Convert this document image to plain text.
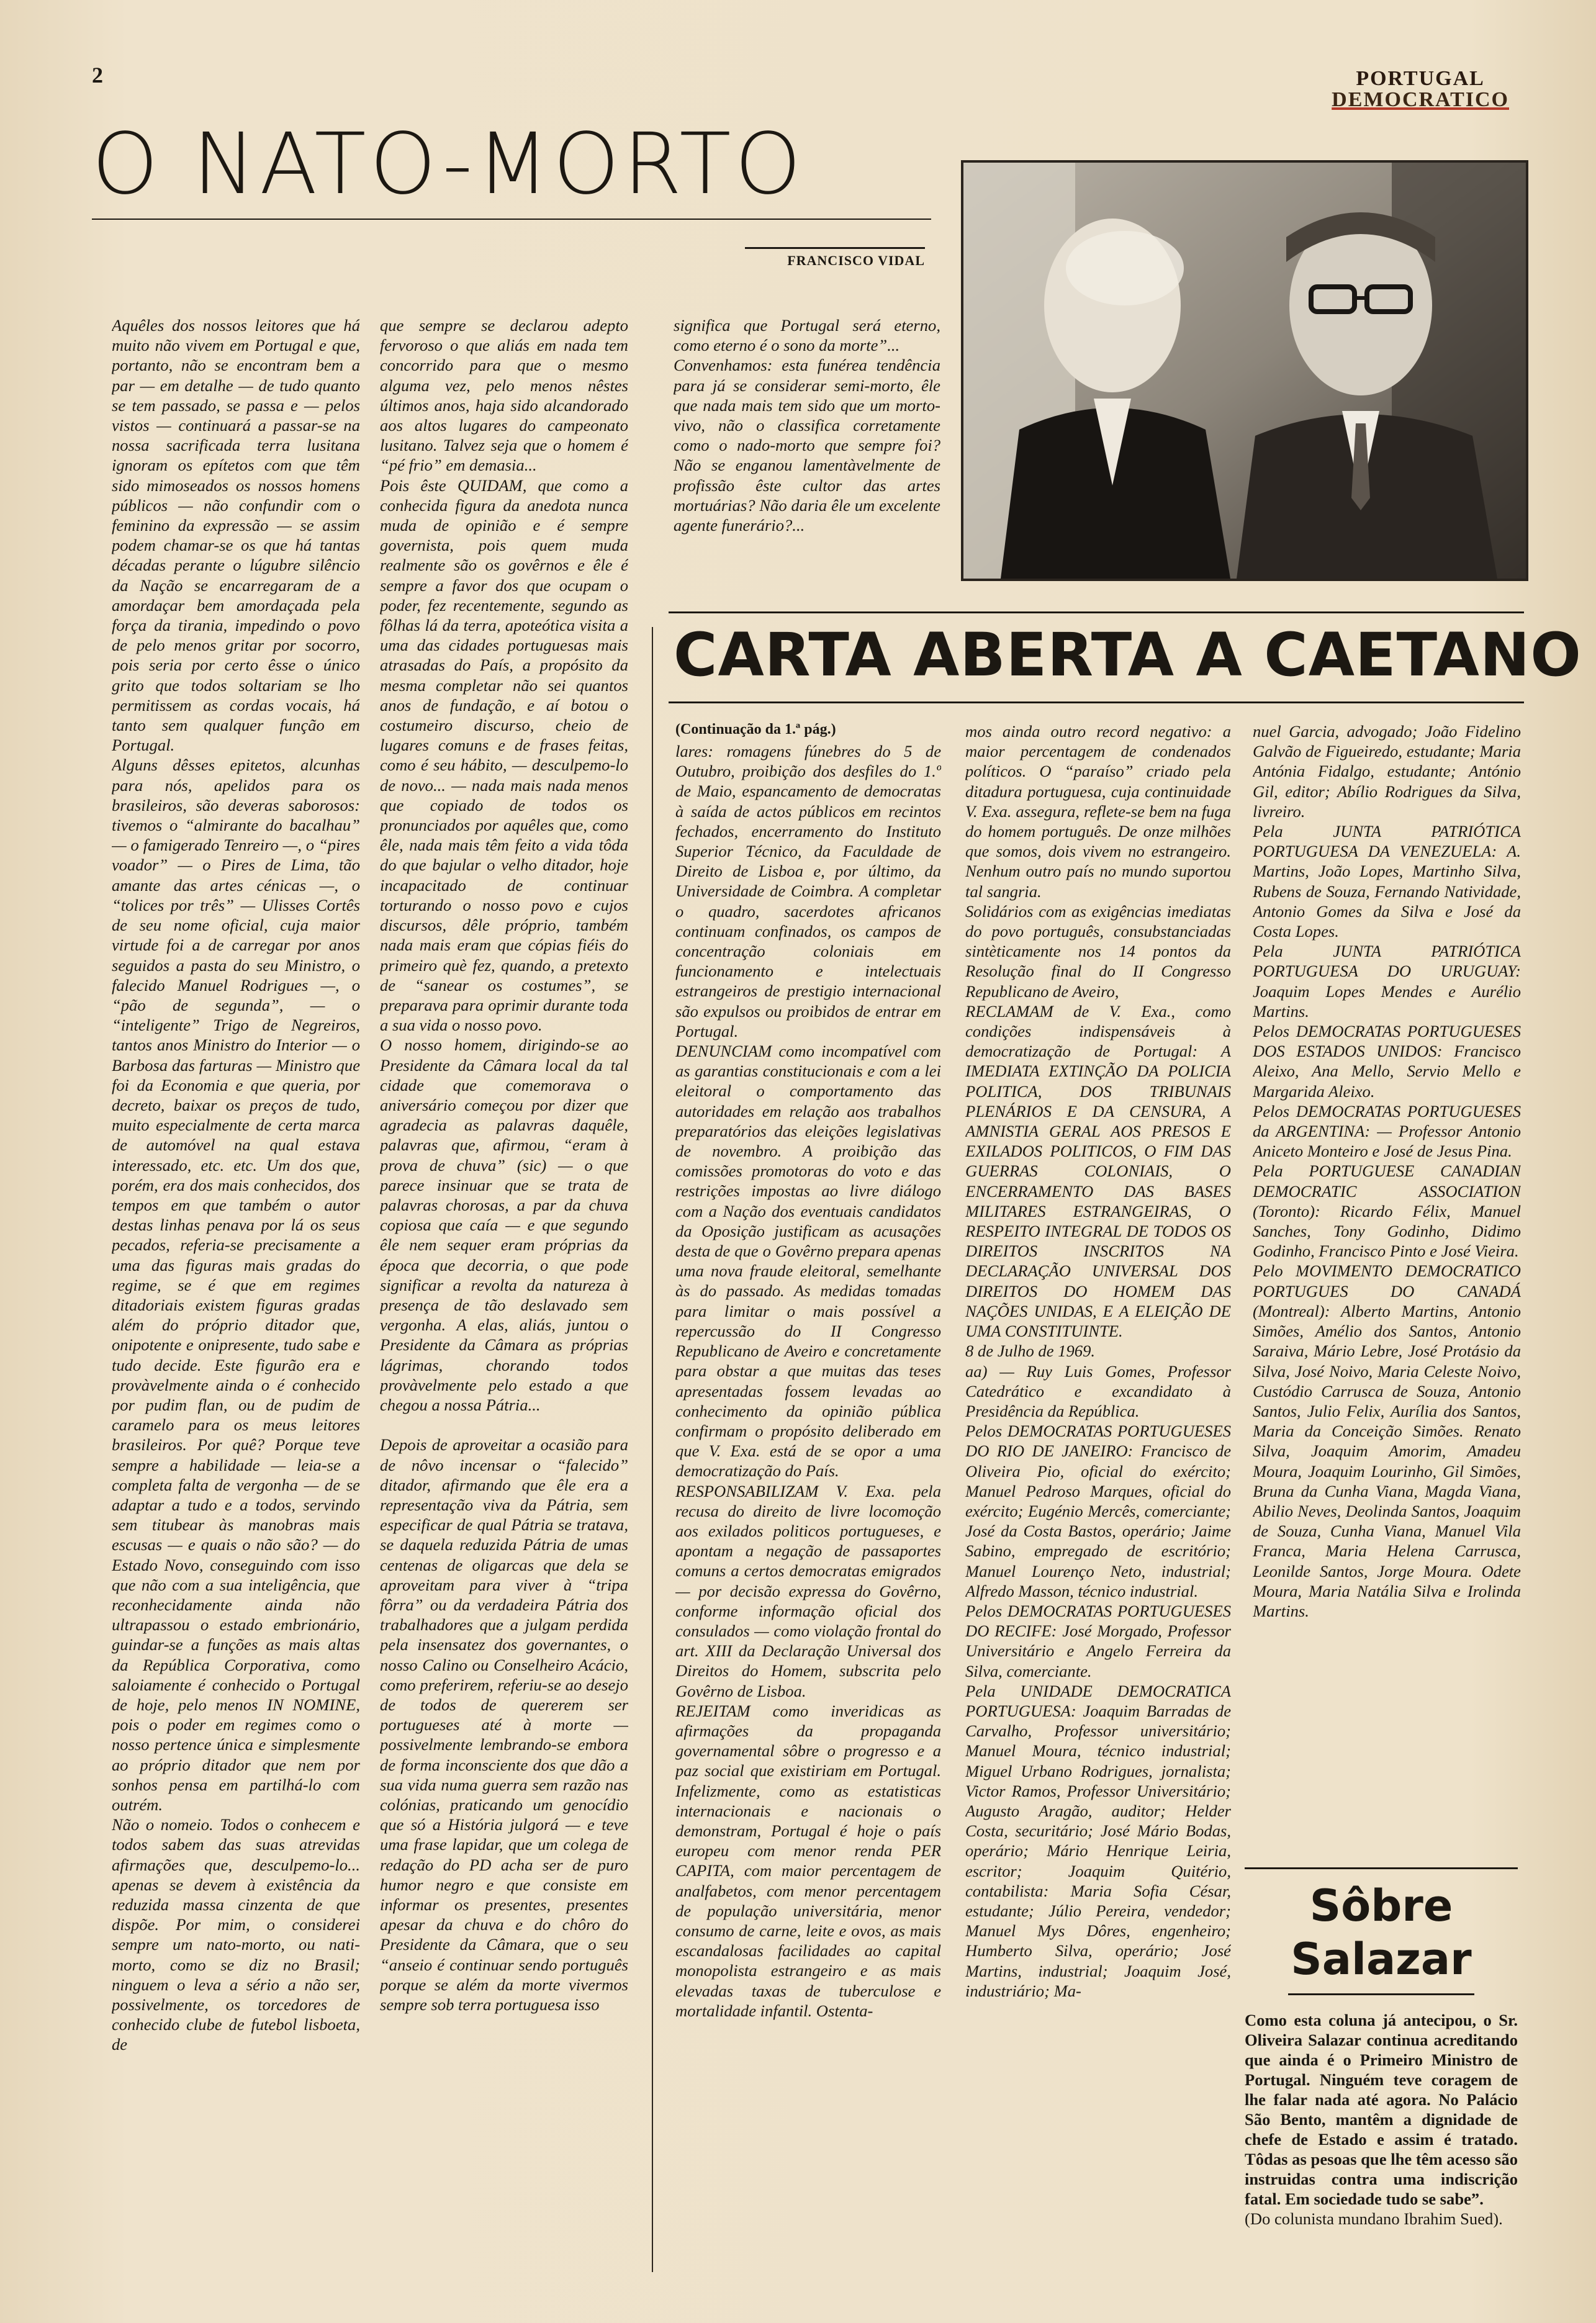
2	PORTUGAL
DEMOCRATICO
O NATO-MORTO
FRANCISCO VIDAL
Aquêles dos nossos leitores que há muito não vivem em Portugal e que, portanto, não se encontram bem a par — em detalhe — de tudo quanto se tem passado, se passa e — pelos vistos — continuará a passar-se na nossa sacrificada terra lusitana ignoram os epítetos com que têm sido mimoseados os nossos homens públicos — não confundir com o feminino da expressão — se assim podem chamar-se os que há tantas décadas perante o lúgubre silêncio da Nação se encarregaram de a amordaçar bem amordaçada pela força da tirania, impedindo o povo de pelo menos gritar por socorro, pois seria por certo êsse o único grito que todos soltariam se lho permitissem as cordas vocais, há tanto sem qualquer função em Portugal.
Alguns dêsses epitetos, alcunhas para nós, apelidos para os brasileiros, são deveras saborosos: tivemos o “almirante do bacalhau” — o famigerado Tenreiro —, o “pires voador” — o Pires de Lima, tão amante das artes cénicas —, o “tolices por três” — Ulisses Cortês de seu nome oficial, cuja maior virtude foi a de carregar por anos seguidos a pasta do seu Ministro, o falecido Manuel Rodrigues —, o “pão de segunda”, — o “inteligente” Trigo de Negreiros, tantos anos Ministro do Interior — o Barbosa das farturas — Ministro que foi da Economia e que queria, por decreto, baixar os preços de tudo, muito especialmente de certa marca de automóvel na qual estava interessado, etc. etc. Um dos que, porém, era dos mais conhecidos, dos tempos em que também o autor destas linhas penava por lá os seus pecados, referia-se precisamente a uma das figuras mais gradas do regime, se é que em regimes ditadoriais existem figuras gradas além do próprio ditador que, onipotente e onipresente, tudo sabe e tudo decide. Este figurão era e provàvelmente ainda o é conhecido por pudim flan, ou de pudim de caramelo para os meus leitores brasileiros. Por quê? Porque teve sempre a habilidade — leia-se a completa falta de vergonha — de se adaptar a tudo e a todos, servindo sem titubear às manobras mais escusas — e quais o não são? — do Estado Novo, conseguindo com isso que não com a sua inteligência, que reconhecidamente ainda não ultrapassou o estado embrionário, guindar-se a funções as mais altas da República Corporativa, como saloiamente é conhecido o Portugal de hoje, pelo menos IN NOMINE, pois o poder em regimes como o nosso pertence única e simplesmente ao próprio ditador que nem por sonhos pensa em partilhá-lo com outrém.
Não o nomeio. Todos o conhecem e todos sabem das suas atrevidas afirmações que, desculpemo-lo... apenas se devem à existência da reduzida massa cinzenta de que dispõe. Por mim, o considerei sempre um nato-morto, ou nati-morto, como se diz no Brasil; ninguem o leva a sério a não ser, possivelmente, os torcedores de conhecido clube de futebol lisboeta, de
que sempre se declarou adepto fervoroso o que aliás em nada tem concorrido para que o mesmo alguma vez, pelo menos nêstes últimos anos, haja sido alcandorado aos altos lugares do campeonato lusitano. Talvez seja que o homem é “pé frio” em demasia...
Pois êste QUIDAM, que como a conhecida figura da anedota nunca muda de opinião e é sempre governista, pois quem muda realmente são os govêrnos e êle é sempre a favor dos que ocupam o poder, fez recentemente, segundo as fôlhas lá da terra, apoteótica visita a uma das cidades portuguesas mais atrasadas do País, a propósito da mesma completar não sei quantos anos de fundação, e aí botou o costumeiro discurso, cheio de lugares comuns e de frases feitas, como é seu hábito, — desculpemo-lo de novo... — nada mais nada menos que copiado de todos os pronunciados por aquêles que, como êle, nada mais têm feito a vida tôda do que bajular o velho ditador, hoje incapacitado de continuar torturando o nosso povo e cujos discursos, dêle próprio, também nada mais eram que cópias fiéis do primeiro què fez, quando, a pretexto de “sanear os costumes”, se preparava para oprimir durante toda a sua vida o nosso povo.
O nosso homem, dirigindo-se ao Presidente da Câmara local da tal cidade que comemorava o aniversário começou por dizer que agradecia as palavras daquêle, palavras que, afirmou, “eram à prova de chuva” (sic) — o que parece insinuar que se trata de palavras chorosas, a par da chuva copiosa que caía — e que segundo êle nem sequer eram próprias da época que decorria, o que pode significar a revolta da natureza à presença de tão deslavado sem vergonha. A elas, aliás, juntou o Presidente da Câmara as próprias lágrimas, chorando todos provàvelmente pelo estado a que chegou a nossa Pátria...

Depois de aproveitar a ocasião para de nôvo incensar o “falecido” ditador, afirmando que êle era a representação viva da Pátria, sem especificar de qual Pátria se tratava, se daquela reduzida Pátria de umas centenas de oligarcas que dela se aproveitam para viver à “tripa fôrra” ou da verdadeira Pátria dos trabalhadores que a julgam perdida pela insensatez dos governantes, o nosso Calino ou Conselheiro Acácio, como preferirem, referiu-se ao desejo de todos de quererem ser portugueses até à morte — possivelmente lembrando-se embora de forma inconsciente dos que dão a sua vida numa guerra sem razão nas colónias, praticando um genocídio que só a História julgorá — e teve uma frase lapidar, que um colega de redação do PD acha ser de puro humor negro e que consiste em informar os presentes, presentes apesar da chuva e do chôro do Presidente da Câmara, que o seu “anseio é continuar sendo português porque se além da morte vivermos sempre sob terra portuguesa isso
significa que Portugal será eterno, como eterno é o sono da morte”...
Convenhamos: esta funérea tendência para já se considerar semi-morto, êle que nada mais tem sido que um morto-vivo, não o classifica corretamente como o nado-morto que sempre foi? Não se enganou lamentàvelmente de profissão êste cultor das artes mortuárias? Não daria êle um excelente agente funerário?...
CARTA ABERTA A CAETANO
(Continuação da 1.ª pág.)
lares: romagens fúnebres do 5 de Outubro, proibição dos desfiles do 1.º de Maio, espancamento de democratas à saída de actos públicos em recintos fechados, encerramento do Instituto Superior Técnico, da Faculdade de Direito de Lisboa e, por último, da Universidade de Coimbra. A completar o quadro, sacerdotes africanos continuam confinados, os campos de concentração coloniais em funcionamento e intelectuais estrangeiros de prestigio internacional são expulsos ou proibidos de entrar em Portugal.
DENUNCIAM como incompatível com as garantias constitucionais e com a lei eleitoral o comportamento das autoridades em relação aos trabalhos preparatórios das eleições legislativas de novembro. A proibição das comissões promotoras do voto e das restrições impostas ao livre diálogo com a Nação dos eventuais candidatos da Oposição justificam as acusações desta de que o Govêrno prepara apenas uma nova fraude eleitoral, semelhante às do passado. As medidas tomadas para limitar o mais possível a repercussão do II Congresso Republicano de Aveiro e concretamente para obstar a que muitas das teses apresentadas fossem levadas ao conhecimento da opinião pública confirmam o propósito deliberado em que V. Exa. está de se opor a uma democratização do País.
RESPONSABILIZAM V. Exa. pela recusa do direito de livre locomoção aos exilados politicos portugueses, e apontam a negação de passaportes comuns a certos democratas emigrados — por decisão expressa do Govêrno, conforme informação oficial dos consulados — como violação frontal do art. XIII da Declaração Universal dos Direitos do Homem, subscrita pelo Govêrno de Lisboa.
REJEITAM como inveridicas as afirmações da propaganda governamental sôbre o progresso e a paz social que existiriam em Portugal. Infelizmente, como as estatisticas internacionais e nacionais o demonstram, Portugal é hoje o país europeu com menor renda PER CAPITA, com maior percentagem de analfabetos, com menor percentagem de população universitária, menor consumo de carne, leite e ovos, as mais escandalosas facilidades ao capital monopolista estrangeiro e as mais elevadas taxas de tuberculose e mortalidade infantil. Ostenta-
mos ainda outro record negativo: a maior percentagem de condenados políticos. O “paraíso” criado pela ditadura portuguesa, cuja continuidade V. Exa. assegura, reflete-se bem na fuga do homem português. De onze milhões que somos, dois vivem no estrangeiro. Nenhum outro país no mundo suportou tal sangria.
Solidários com as exigências imediatas do povo português, consubstanciadas sintèticamente nos 14 pontos da Resolução final do II Congresso Republicano de Aveiro,
RECLAMAM de V. Exa., como condições indispensáveis à democratização de Portugal: A IMEDIATA EXTINÇÃO DA POLICIA POLITICA, DOS TRIBUNAIS PLENÁRIOS E DA CENSURA, A AMNISTIA GERAL AOS PRESOS E EXILADOS POLITICOS, O FIM DAS GUERRAS COLONIAIS, O ENCERRAMENTO DAS BASES MILITARES ESTRANGEIRAS, O RESPEITO INTEGRAL DE TODOS OS DIREITOS INSCRITOS NA DECLARAÇÃO UNIVERSAL DOS DIREITOS DO HOMEM DAS NAÇÕES UNIDAS, E A ELEIÇÃO DE UMA CONSTITUINTE.
8 de Julho de 1969.
aa) — Ruy Luis Gomes, Professor Catedrático e excandidato à Presidência da República.
Pelos DEMOCRATAS PORTUGUESES DO RIO DE JANEIRO: Francisco de Oliveira Pio, oficial do exército; Manuel Pedroso Marques, oficial do exército; Eugénio Mercês, comerciante; José da Costa Bastos, operário; Jaime Sabino, empregado de escritório; Manuel Lourenço Neto, industrial; Alfredo Masson, técnico industrial.
Pelos DEMOCRATAS PORTUGUESES DO RECIFE: José Morgado, Professor Universitário e Angelo Ferreira da Silva, comerciante.
Pela UNIDADE DEMOCRATICA PORTUGUESA: Joaquim Barradas de Carvalho, Professor universitário; Manuel Moura, técnico industrial; Miguel Urbano Rodrigues, jornalista; Victor Ramos, Professor Universitário; Augusto Aragão, auditor; Helder Costa, securitário; José Mário Bodas, operário; Mário Henrique Leiria, escritor; Joaquim Quitério, contabilista: Maria Sofia César, estudante; Júlio Pereira, vendedor; Manuel Mys Dôres, engenheiro; Humberto Silva, operário; José Martins, industrial; Joaquim José, industriário; Ma-
nuel Garcia, advogado; João Fidelino Galvão de Figueiredo, estudante; Maria Antónia Fidalgo, estudante; António Gil, editor; Abílio Rodrigues da Silva, livreiro.
Pela JUNTA PATRIÓTICA PORTUGUESA DA VENEZUELA: A. Martins, João Lopes, Martinho Silva, Rubens de Souza, Fernando Natividade, Antonio Gomes da Silva e José da Costa Lopes.
Pela JUNTA PATRIÓTICA PORTUGUESA DO URUGUAY: Joaquim Lopes Mendes e Aurélio Martins.
Pelos DEMOCRATAS PORTUGUESES DOS ESTADOS UNIDOS: Francisco Aleixo, Ana Mello, Servio Mello e Margarida Aleixo.
Pelos DEMOCRATAS PORTUGUESES da ARGENTINA: — Professor Antonio Aniceto Monteiro e José de Jesus Pina.
Pela PORTUGUESE CANADIAN DEMOCRATIC ASSOCIATION (Toronto): Ricardo Félix, Manuel Sanches, Tony Godinho, Didimo Godinho, Francisco Pinto e José Vieira.
Pelo MOVIMENTO DEMOCRATICO PORTUGUES DO CANADÁ (Montreal): Alberto Martins, Antonio Simões, Amélio dos Santos, Antonio Saraiva, Mário Lebre, José Protásio da Silva, José Noivo, Maria Celeste Noivo, Custódio Carrusca de Souza, Antonio Santos, Julio Felix, Aurília dos Santos, Maria da Conceição Simões. Renato Silva, Joaquim Amorim, Amadeu Moura, Joaquim Lourinho, Gil Simões, Bruna da Cunha Viana, Magda Viana, Abilio Neves, Deolinda Santos, Joaquim de Souza, Cunha Viana, Manuel Vila Franca, Maria Helena Carrusca, Leonilde Santos, Jorge Moura. Odete Moura, Maria Natália Silva e Irolinda Martins.
Sôbre Salazar
Como esta coluna já antecipou, o Sr. Oliveira Salazar continua acreditando que ainda é o Primeiro Ministro de Portugal. Ninguém teve coragem de lhe falar nada até agora. No Palácio São Bento, mantêm a dignidade de chefe de Estado e assim é tratado. Tôdas as pesoas que lhe têm acesso são instruidas contra uma indiscrição fatal. Em sociedade tudo se sabe”.
(Do colunista mundano Ibrahim Sued).
